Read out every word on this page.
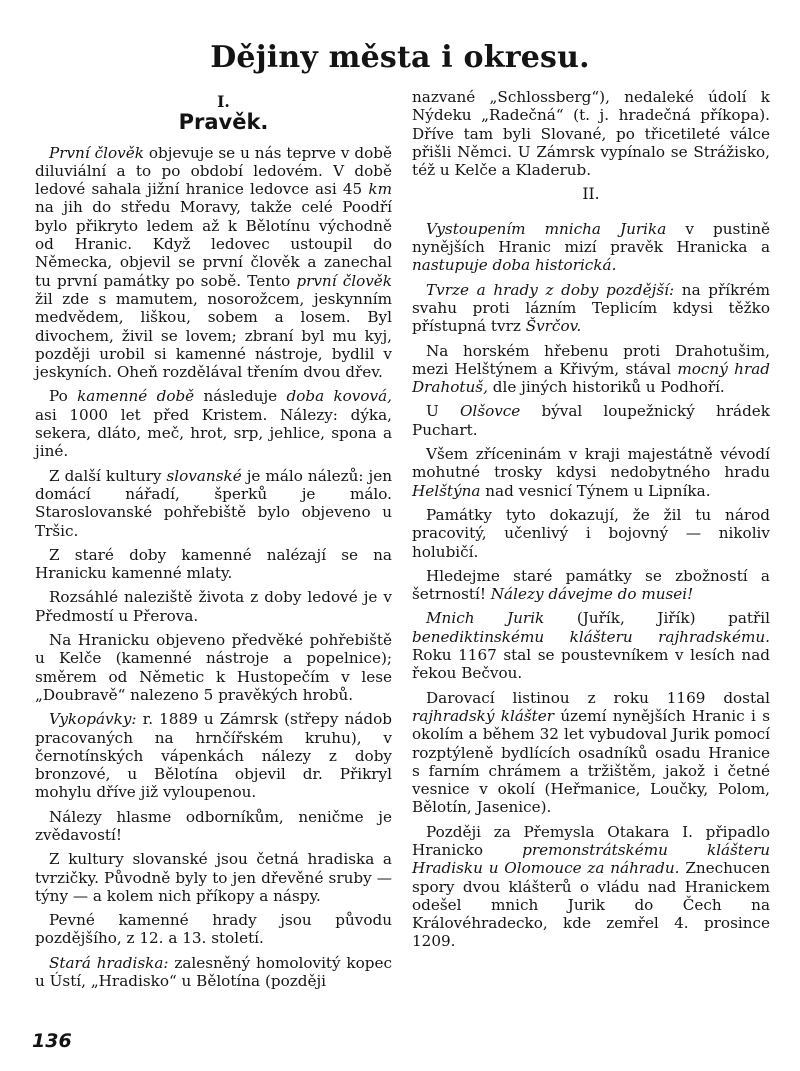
Dějiny města i okresu.
I.
Pravěk.

První člověk objevuje se u nás teprve v době diluviální a to po období ledovém. V době ledové sahala jižní hranice ledovce asi 45 km na jih do středu Moravy, takže celé Poodří bylo přikryto ledem až k Bělotínu východně od Hranic. Když ledovec ustoupil do Německa, objevil se první člověk a zanechal tu první památky po sobě. Tento první člověk žil zde s mamutem, nosorožcem, jeskynním medvědem, liškou, sobem a losem. Byl divochem, živil se lovem; zbraní byl mu kyj, později urobil si kamenné nástroje, bydlil v jeskyních. Oheň rozdělával třením dvou dřev.

Po kamenné době následuje doba kovová, asi 1000 let před Kristem. Nálezy: dýka, sekera, dláto, meč, hrot, srp, jehlice, spona a jiné.

Z další kultury slovanské je málo nálezů: jen domácí nářadí, šperků je málo. Staroslovanské pohřebiště bylo objeveno u Tršic.

Z staré doby kamenné nalézají se na Hranicku kamenné mlaty.

Rozsáhlé naleziště života z doby ledové je v Předmostí u Přerova.

Na Hranicku objeveno předvěké pohřebiště u Kelče (kamenné nástroje a popelnice); směrem od Němetic k Hustopečím v lese „Doubravě“ nalezeno 5 pravěkých hrobů.

Vykopávky: r. 1889 u Zámrsk (střepy nádob pracovaných na hrnčířském kruhu), v černotínských vápenkách nálezy z doby bronzové, u Bělotína objevil dr. Přikryl mohylu dříve již vyloupenou.

Nálezy hlasme odborníkům, neničme je zvědavostí!

Z kultury slovanské jsou četná hradiska a tvrzičky. Původně byly to jen dřevěné sruby — týny — a kolem nich příkopy a náspy.

Pevné kamenné hrady jsou původu pozdějšího, z 12. a 13. století.

Stará hradiska: zalesněný homolovitý kopec u Ústí, „Hradisko“ u Bělotína (později

nazvané „Schlossberg“), nedaleké údolí k Nýdeku „Radečná“ (t. j. hradečná příkopa). Dříve tam byli Slované, po třicetileté válce přišli Němci. U Zámrsk vypínalo se Strážisko, též u Kelče a Kladerub.

II.

Vystoupením mnicha Jurika v pustině nynějších Hranic mizí pravěk Hranicka a nastupuje doba historická.

Tvrze a hrady z doby pozdější: na příkrém svahu proti lázním Teplicím kdysi těžko přístupná tvrz Švrčov.

Na horském hřebenu proti Drahotušim, mezi Helštýnem a Křivým, stával mocný hrad Drahotuš, dle jiných historiků u Podhoří.

U Olšovce býval loupežnický hrádek Puchart.

Všem zříceninám v kraji majestátně vévodí mohutné trosky kdysi nedobytného hradu Helštýna nad vesnicí Týnem u Lipníka.

Památky tyto dokazují, že žil tu národ pracovitý, učenlivý i bojovný — nikoliv holubičí.

Hledejme staré památky se zbožností a šetrností! Nálezy dávejme do musei!

Mnich Jurik (Juřík, Jiřík) patřil benediktinskému klášteru rajhradskému. Roku 1167 stal se poustevníkem v lesích nad řekou Bečvou.

Darovací listinou z roku 1169 dostal rajhradský klášter území nynějších Hranic i s okolím a během 32 let vybudoval Jurik pomocí rozptýleně bydlících osadníků osadu Hranice s farním chrámem a tržištěm, jakož i četné vesnice v okolí (Heřmanice, Loučky, Polom, Bělotín, Jasenice).

Později za Přemysla Otakara I. připadlo Hranicko premonstrátskému klášteru Hradisku u Olomouce za náhradu. Znechucen spory dvou klášterů o vládu nad Hranickem odešel mnich Jurik do Čech na Královéhradecko, kde zemřel 4. prosince 1209.

136
